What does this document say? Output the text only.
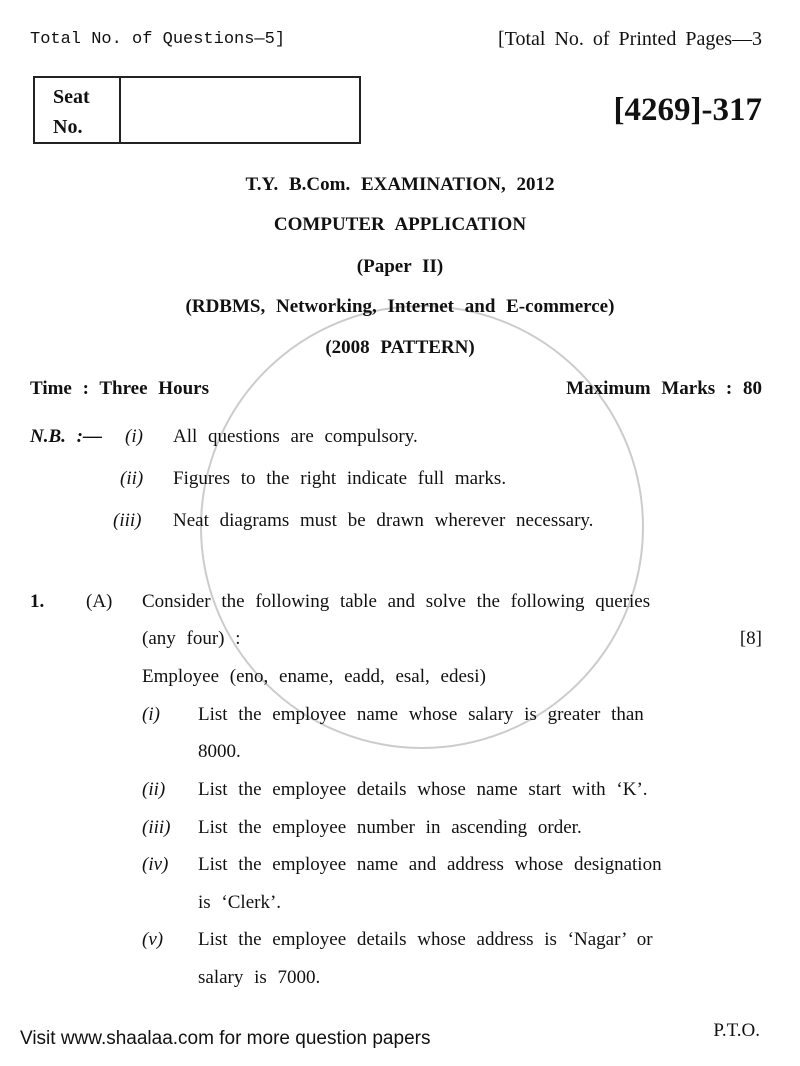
Total No. of Questions—5]	[Total No. of Printed Pages—3
Seat
No.	[4269]-317
T.Y. B.Com. EXAMINATION, 2012
COMPUTER APPLICATION
(Paper II)
(RDBMS, Networking, Internet and E-commerce)
(2008 PATTERN)
Time : Three Hours	Maximum Marks : 80
N.B. :— (i) All questions are compulsory.
(ii) Figures to the right indicate full marks.
(iii) Neat diagrams must be drawn wherever necessary.
1. (A) Consider the following table and solve the following queries
(any four) :	[8]
Employee (eno, ename, eadd, esal, edesi)
(i) List the employee name whose salary is greater than
8000.
(ii) List the employee details whose name start with ‘K’.
(iii) List the employee number in ascending order.
(iv) List the employee name and address whose designation
is ‘Clerk’.
(v) List the employee details whose address is ‘Nagar’ or
salary is 7000.
Visit www.shaalaa.com for more question papers	P.T.O.
